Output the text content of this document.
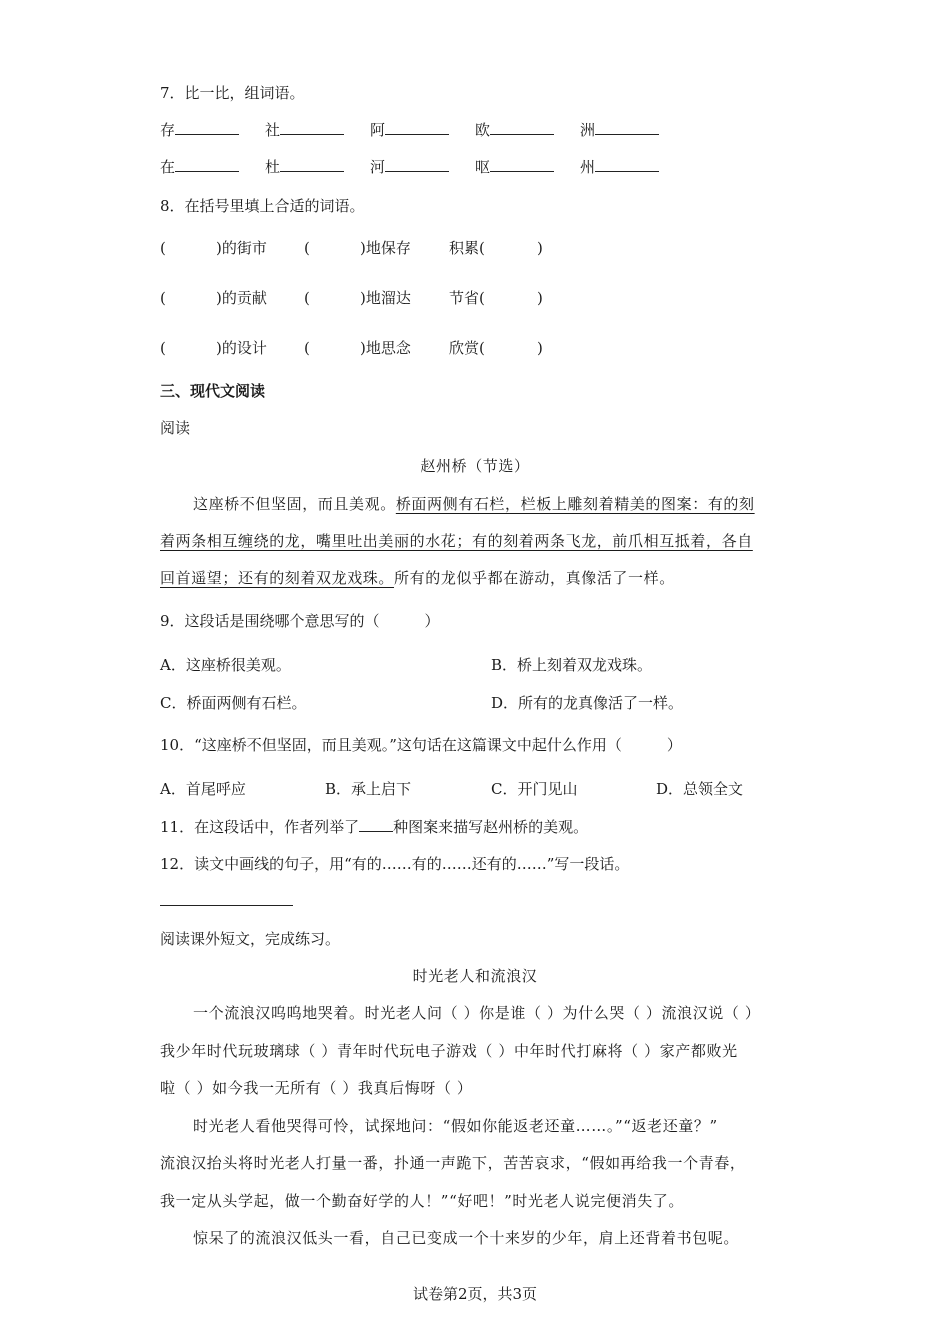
7．比一比，组词语。
存	社	阿	欧	洲
在	杜	河	呕	州
8．在括号里填上合适的词语。
(	)的街市 (	)地保存	积累(	)
(	)的贡献 (	)地溜达	节省(	)
(	)的设计 (	)地思念	欣赏(	)
三、现代文阅读
阅读
赵州桥（节选）
这座桥不但坚固，而且美观。桥面两侧有石栏，栏板上雕刻着精美的图案：有的刻
着两条相互缠绕的龙，嘴里吐出美丽的水花；有的刻着两条飞龙，前爪相互抵着，各自
回首遥望；还有的刻着双龙戏珠。所有的龙似乎都在游动，真像活了一样。
9．这段话是围绕哪个意思写的（　　　）
A．这座桥很美观。	B．桥上刻着双龙戏珠。
C．桥面两侧有石栏。	D．所有的龙真像活了一样。
10．“这座桥不但坚固，而且美观。”这句话在这篇课文中起什么作用（　　　）
A．首尾呼应	B．承上启下	C．开门见山	D．总领全文
11．在这段话中，作者列举了 种图案来描写赵州桥的美观。
12．读文中画线的句子，用“有的……有的……还有的……”写一段话。
阅读课外短文，完成练习。
时光老人和流浪汉
一个流浪汉呜呜地哭着。时光老人问（ ）你是谁（ ）为什么哭（ ）流浪汉说（ ）
我少年时代玩玻璃球（ ）青年时代玩电子游戏（ ）中年时代打麻将（ ）家产都败光
啦（ ）如今我一无所有（ ）我真后悔呀（ ）
时光老人看他哭得可怜，试探地问：“假如你能返老还童……。”“返老还童？”
流浪汉抬头将时光老人打量一番，扑通一声跪下，苦苦哀求，“假如再给我一个青春，
我一定从头学起，做一个勤奋好学的人！”“好吧！”时光老人说完便消失了。
惊呆了的流浪汉低头一看，自己已变成一个十来岁的少年，肩上还背着书包呢。
试卷第2页，共3页
